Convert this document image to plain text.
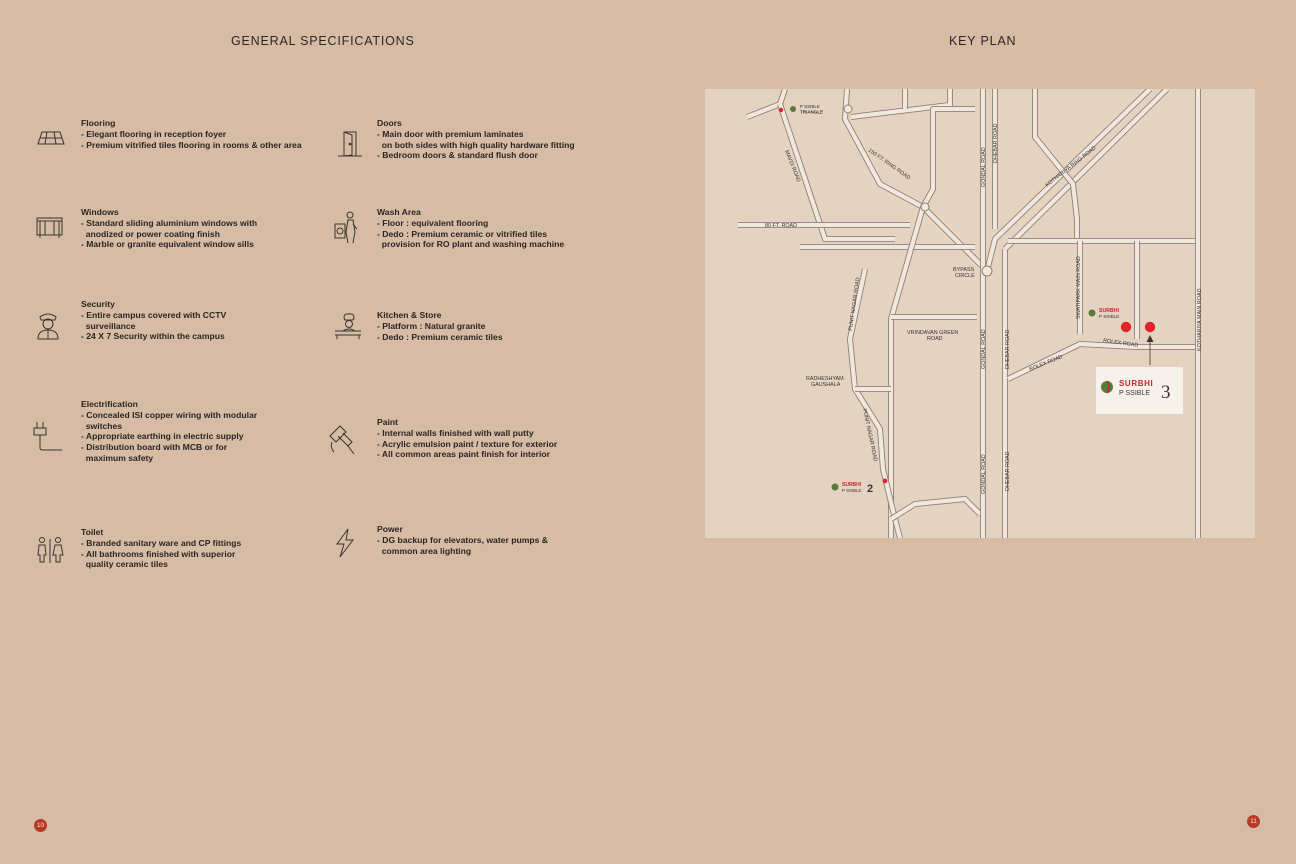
GENERAL SPECIFICATIONS	KEY PLAN
Flooring
- Elegant flooring in reception foyer
- Premium vitrified tiles flooring in rooms & other area
Doors
- Main door with premium laminates
on both sides with high quality hardware fitting
- Bedroom doors & standard flush door
Windows
- Standard sliding aluminium windows with
anodized or power coating finish
- Marble or granite equivalent window sills
Wash Area
- Floor : equivalent flooring
- Dedo : Premium ceramic or vitrified tiles
provision for RO plant and washing machine
Security
- Entire campus covered with CCTV
surveillance
- 24 X 7 Security within the campus
Kitchen & Store
- Platform : Natural granite
- Dedo : Premium ceramic tiles
Electrification
- Concealed ISI copper wiring with modular
switches
- Appropriate earthing in electric supply
- Distribution board with MCB or for
maximum safety
Paint
- Internal walls finished with wall putty
- Acrylic emulsion paint / texture for exterior
- All common areas paint finish for interior
Toilet
- Branded sanitary ware and CP fittings
- All bathrooms finished with superior
quality ceramic tiles
Power
- DG backup for elevators, water pumps &
common area lighting
MAVDI ROAD	150 FT. RING ROAD	GONDAL ROAD
DHEBAR ROAD
KOTHARIYA RING ROAD
80 FT. ROAD
SWATIPARK MAIN ROAD
PUNIT NAGAR ROAD
GONDAL ROAD	DHEBAR ROAD	KOTHARIYA MAIN ROAD
ROLEX ROAD
ROLEX ROAD
PUNIT NAGAR ROAD
GONDAL ROAD	DHEBAR ROAD
BYPASS
CIRCLE
VRINDAVAN GREEN
ROAD
RADHESHYAM
GAUSHALA
P SSIBLE
TRIANGLE
SURBHI
P SSIBLE
SURBHI
P SSIBLE 2
SURBHI
P SSIBLE 3
10
11
